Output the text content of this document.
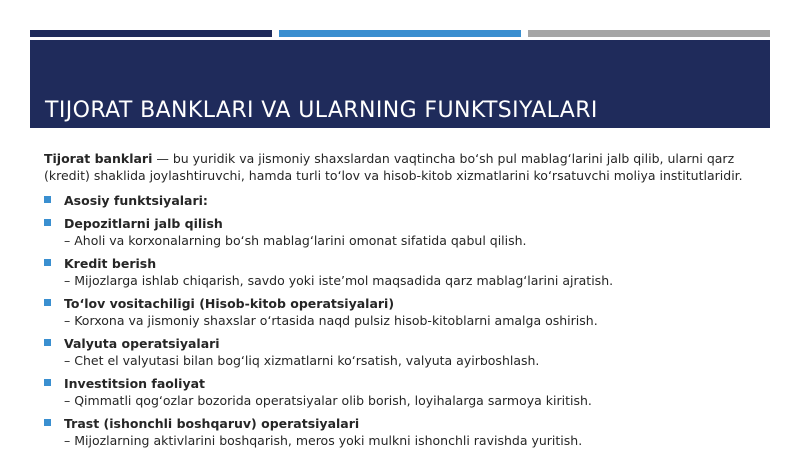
TIJORAT BANKLARI VA ULARNING FUNKTSIYALARI

Tijorat banklari — bu yuridik va jismoniy shaxslardan vaqtincha bo‘sh pul mablag‘larini jalb qilib, ularni qarz (kredit) shaklida joylashtiruvchi, hamda turli to‘lov va hisob-kitob xizmatlarini ko‘rsatuvchi moliya institutlaridir.

Asosiy funktsiyalari:
Depozitlarni jalb qilish
– Aholi va korxonalarning bo‘sh mablag‘larini omonat sifatida qabul qilish.
Kredit berish
– Mijozlarga ishlab chiqarish, savdo yoki iste’mol maqsadida qarz mablag‘larini ajratish.
To‘lov vositachiligi (Hisob-kitob operatsiyalari)
– Korxona va jismoniy shaxslar o‘rtasida naqd pulsiz hisob-kitoblarni amalga oshirish.
Valyuta operatsiyalari
– Chet el valyutasi bilan bog‘liq xizmatlarni ko‘rsatish, valyuta ayirboshlash.
Investitsion faoliyat
– Qimmatli qog‘ozlar bozorida operatsiyalar olib borish, loyihalarga sarmoya kiritish.
Trast (ishonchli boshqaruv) operatsiyalari
– Mijozlarning aktivlarini boshqarish, meros yoki mulkni ishonchli ravishda yuritish.
